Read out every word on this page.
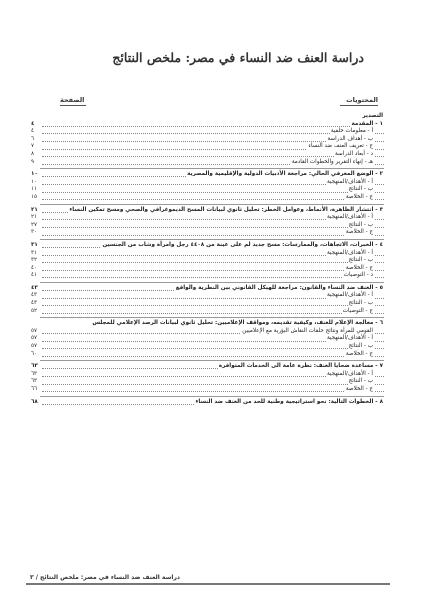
دراسة العنف ضد النساء في مصر: ملخص النتائج
المحتويات
الصفحة
التصدير
١ - المقدمة
٤
أ - معلومات خلفية
٤
ب - أهداف الدراسة
٦
ج - تعريف العنف ضد النساء
٧
د - أبعاد الدراسة
٨
هـ - إنهاء التقرير والخطوات القادمة
٩
٢ - الوضع المعرفي الحالي: مراجعة الأدبيات الدولية والإقليمية والمصرية
١٠
أ - الأهداف/المنهجية
١٠
ب - النتائج
١١
ج - الخلاصة
١٥
٣ - انتشار الظاهرة، الأنماط، وعوامل الخطر: تحليل ثانوي لبيانات المسح الديموغرافي والصحي ومسح تمكين النساء
٢١
أ - الأهداف/المنهجية
٢١
ب - النتائج
٢٧
ج - الخلاصة
٣٠
٤ - الخبرات، الاتجاهات، والممارسات: مسح جديد لم على عينة من ٤٤٠٨ رجل وامرأة وشاب من الجنسين
٣١
أ - الأهداف/المنهجية
٣١
ب - النتائج
٣٢
ج - الخلاصة
٤٠
د - التوصيات
٤١
٥ - العنف ضد النساء والقانون: مراجعة للهيكل القانوني بين النظرية والواقع
٤٣
أ - الأهداف/المنهجية
٤٣
ب - النتائج
٤٣
ج - التوصيات
٥٢
٦ - معالجة الإعلام للعنف، وكيفية تقديمه، ومواقف الإعلاميين: تحليل ثانوي لبيانات الرصد الإعلامي للمجلس
القومي للمرأة ونتائج حلقات النقاش البؤرية مع الإعلاميين
٥٧
أ - الأهداف/المنهجية
٥٧
ب - النتائج
٥٧
ج - الخلاصة
٦٠
٧ - مساعدة ضحايا العنف: نظرة عامة الى الخدمات المتوافرة
٦٣
أ - الأهداف/المنهجية
٦٣
ب - النتائج
٦٣
ج - الخلاصة
٦٦
٨ - الخطوات التالية: نحو استراتيجية وطنية للحد من العنف ضد النساء
٦٨
دراسة العنف ضد النساء في مصر: ملخص النتائج / ٣
